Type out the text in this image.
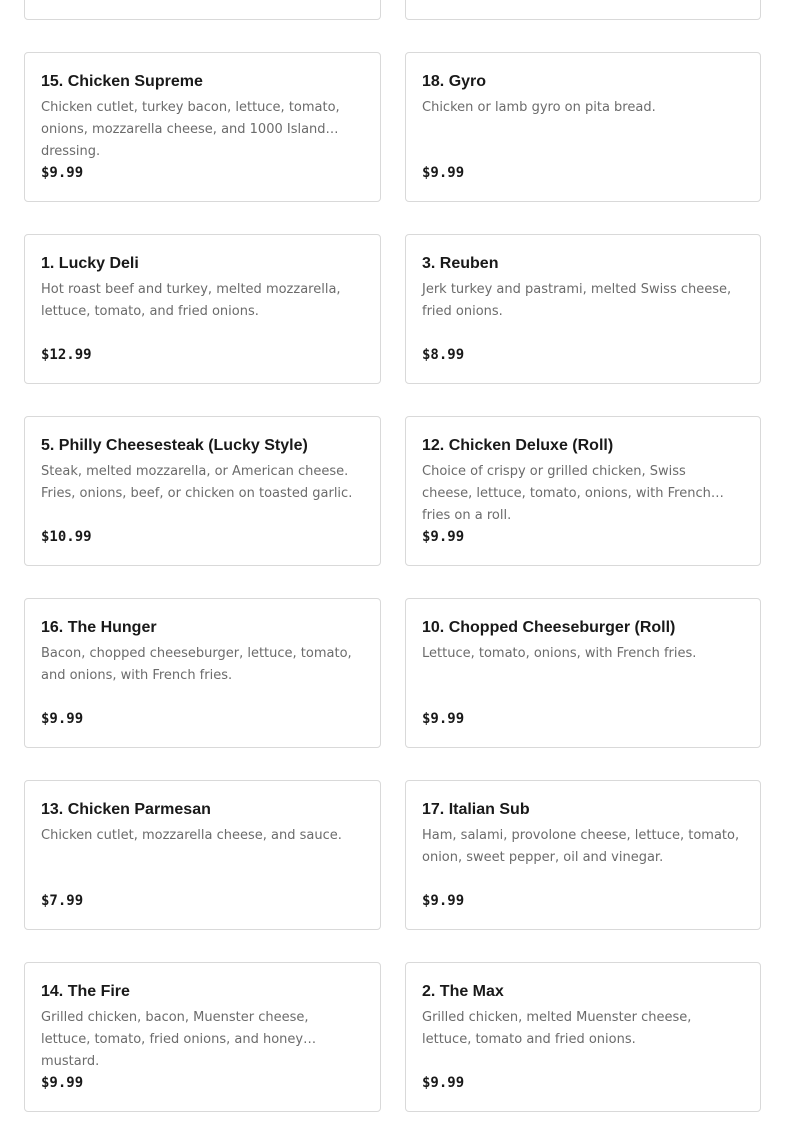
15. Chicken Supreme
Chicken cutlet, turkey bacon, lettuce, tomato, onions, mozzarella cheese, and 1000 Island dressing.
$9.99
18. Gyro
Chicken or lamb gyro on pita bread.
$9.99
1. Lucky Deli
Hot roast beef and turkey, melted mozzarella, lettuce, tomato, and fried onions.
$12.99
3. Reuben
Jerk turkey and pastrami, melted Swiss cheese, fried onions.
$8.99
5. Philly Cheesesteak (Lucky Style)
Steak, melted mozzarella, or American cheese. Fries, onions, beef, or chicken on toasted garlic.
$10.99
12. Chicken Deluxe (Roll)
Choice of crispy or grilled chicken, Swiss cheese, lettuce, tomato, onions, with French fries on a roll.
$9.99
16. The Hunger
Bacon, chopped cheeseburger, lettuce, tomato, and onions, with French fries.
$9.99
10. Chopped Cheeseburger (Roll)
Lettuce, tomato, onions, with French fries.
$9.99
13. Chicken Parmesan
Chicken cutlet, mozzarella cheese, and sauce.
$7.99
17. Italian Sub
Ham, salami, provolone cheese, lettuce, tomato, onion, sweet pepper, oil and vinegar.
$9.99
14. The Fire
Grilled chicken, bacon, Muenster cheese, lettuce, tomato, fried onions, and honey mustard.
$9.99
2. The Max
Grilled chicken, melted Muenster cheese, lettuce, tomato and fried onions.
$9.99
